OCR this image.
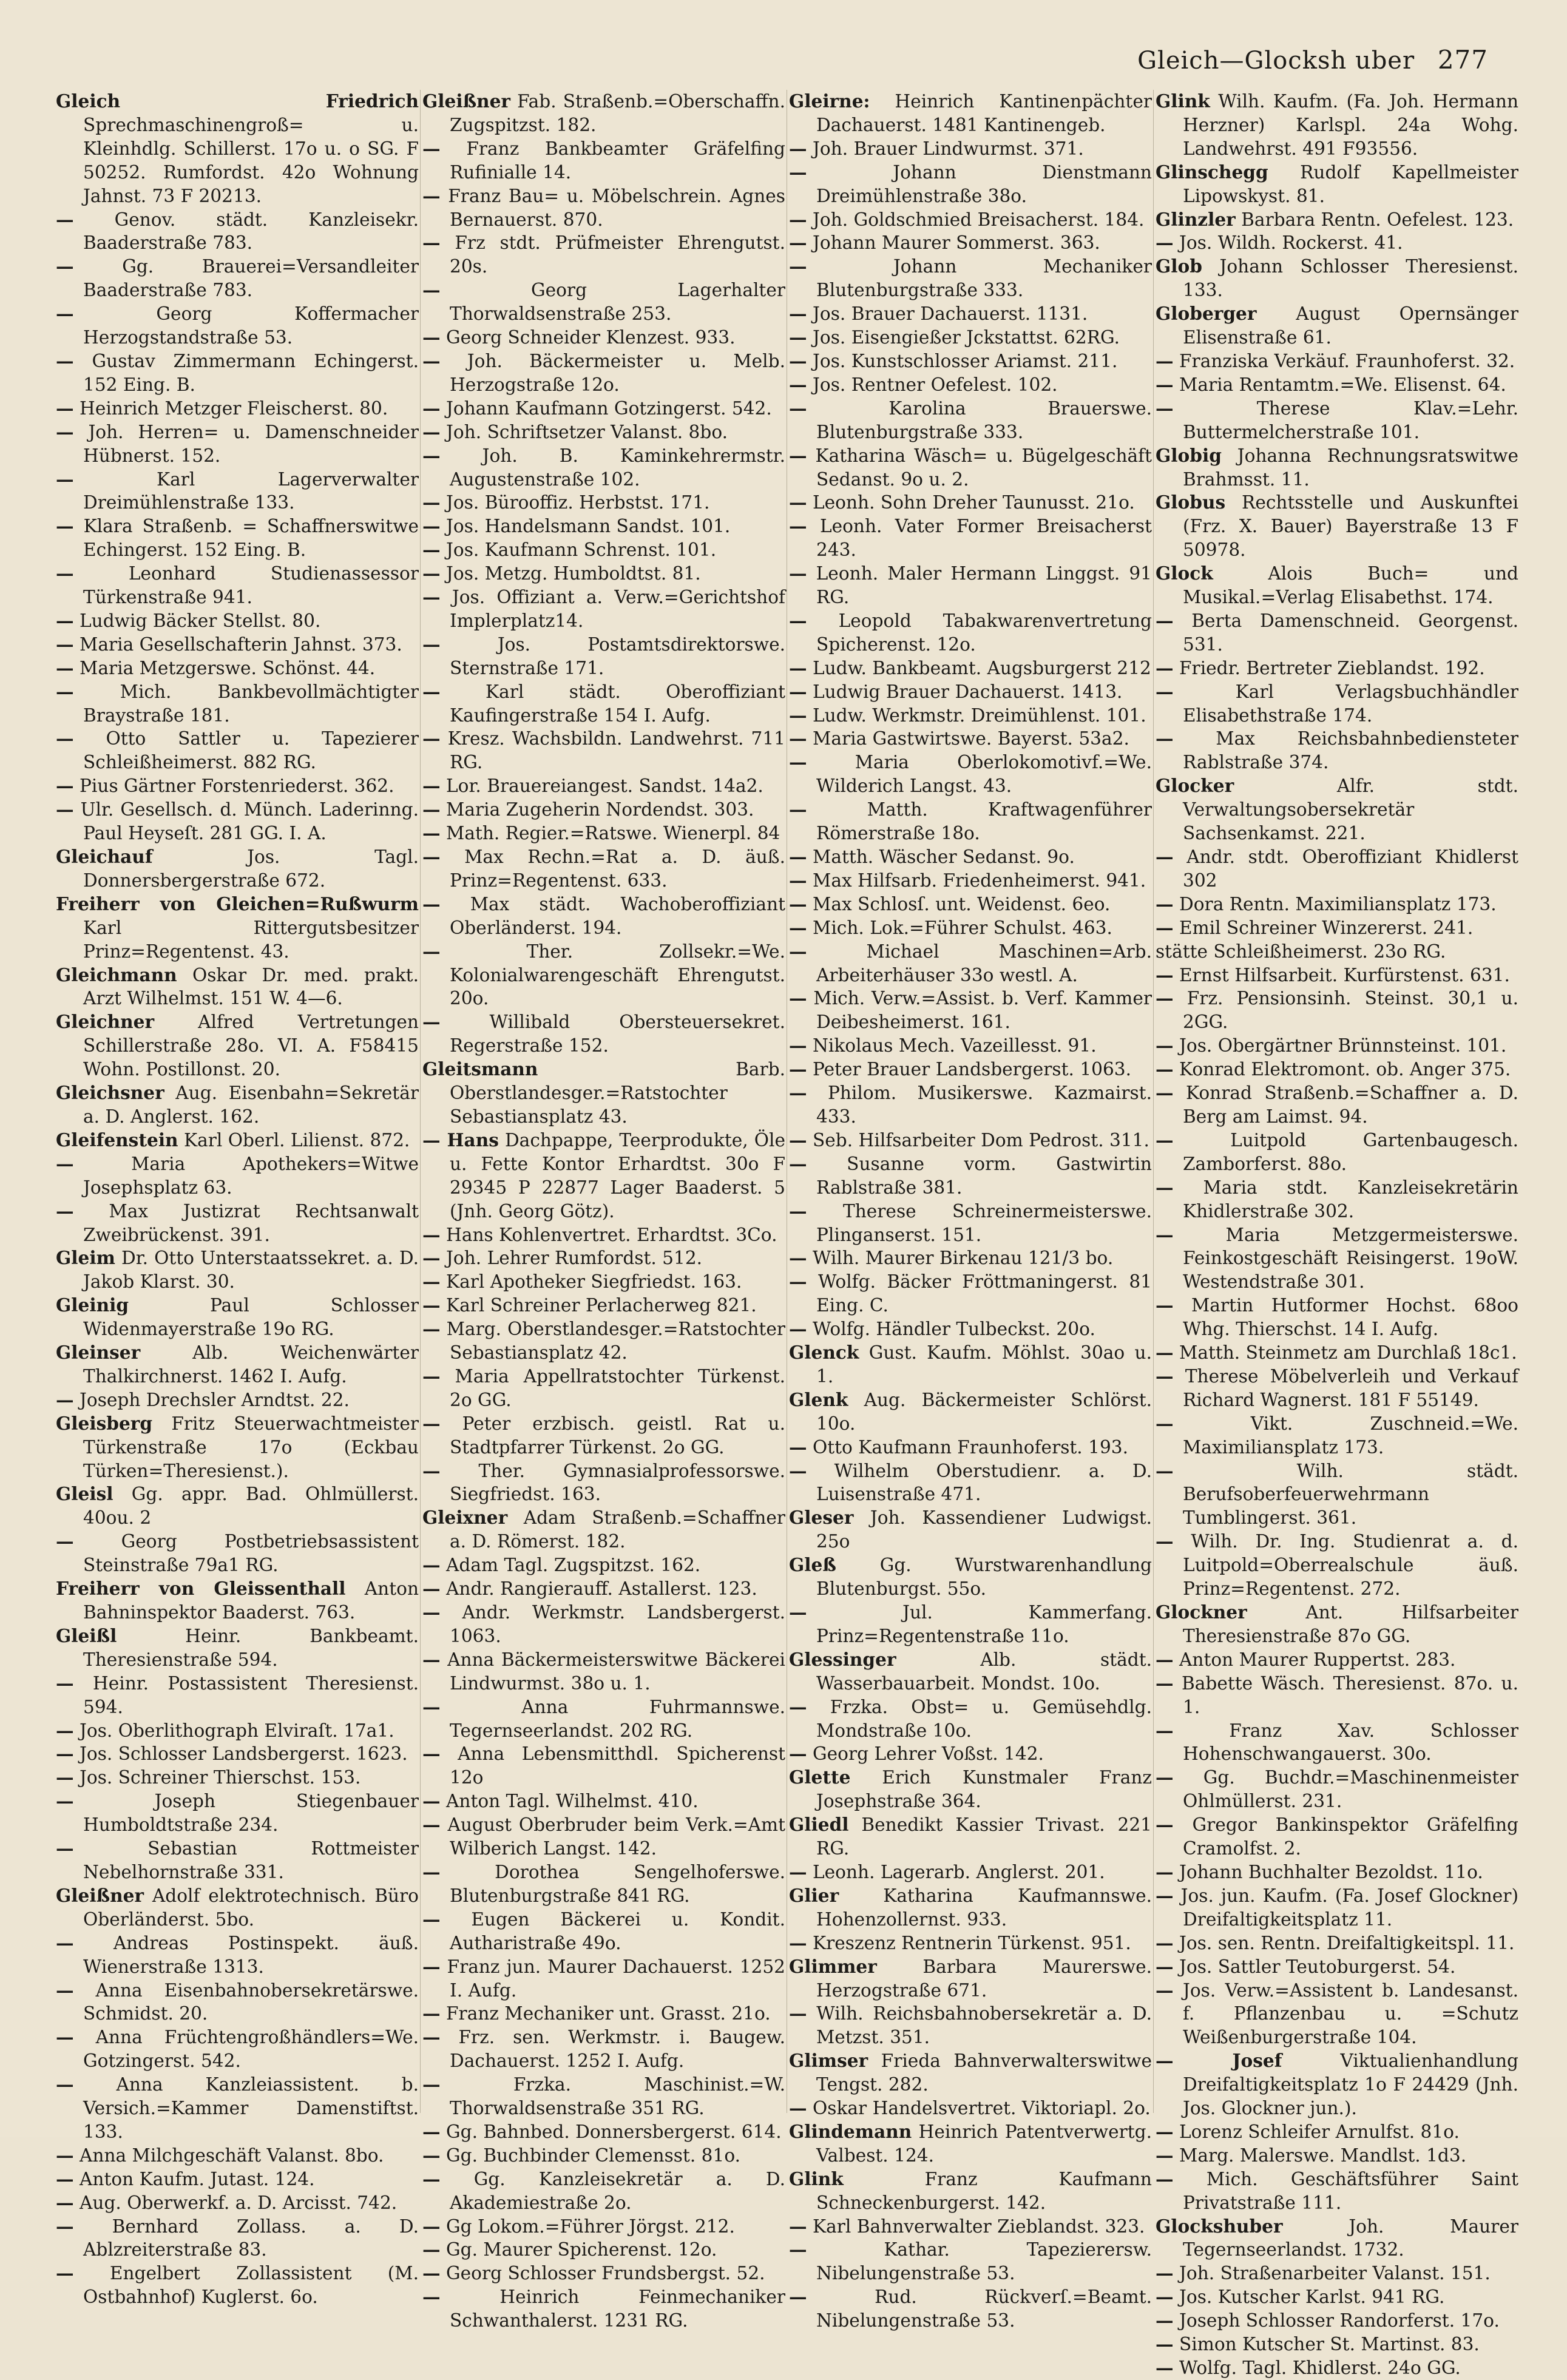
Gleich—Glocksh uber 277
Gleich Friedrich Sprechmaschinengroß= u. Kleinhdlg. Schillerst. 17o u. o SG. F 50252. Rumfordst. 42o Wohnung Jahnst. 73 F 20213.
— Genov. städt. Kanzleisekr. Baaderstraße 783.
—	Gg. Brauerei=Versandleiter Baaderstraße 783.
—	Georg Koffermacher Herzogstandstraße 53.
— Gustav Zimmermann Echingerst. 152 Eing. B.
— Heinrich Metzger Fleischerst. 80.
— Joh. Herren= u. Damenschneider Hübnerst. 152.
—	Karl Lagerverwalter Dreimühlenstraße 133.
— Klara Straßenb. = Schaffnerswitwe Echingerst. 152 Eing. B.
—	Leonhard Studienassessor Türkenstraße 941.
— Ludwig Bäcker Stellst. 80.
— Maria Gesellschafterin Jahnst. 373.
— Maria Metzgerswe. Schönst. 44.
—	Mich. Bankbevollmächtigter Braystraße 181.
— Otto Sattler u. Tapezierer Schleißheimerst. 882 RG.
— Pius Gärtner Forstenriederst. 362.
— Ulr. Gesellsch. d. Münch. Laderinng. Paul Heyseſt. 281 GG. I. A.
Gleichauf	Jos. Tagl. Donnersbergerstraße 672.
Freiherr von Gleichen=Rußwurm Karl Rittergutsbesitzer Prinz=Regentenst. 43.
Gleichmann Oskar Dr. med. prakt. Arzt Wilhelmst. 151 W. 4—6.
Gleichner Alfred Vertretungen Schillerstraße 28o. VI. A. F58415 Wohn. Postillonst. 20.
Gleichsner Aug. Eisenbahn=Sekretär a. D. Anglerst. 162.
Gleifenstein Karl Oberl. Lilienst. 872.
—	Maria Apothekers=Witwe Josephsplatz 63.
— Max Justizrat Rechtsanwalt Zweibrückenst. 391.
Gleim Dr. Otto Unterstaatssekret. a. D. Jakob Klarst. 30.
Gleinig	Paul Schlosser Widenmayerstraße 19o RG.
Gleinser	Alb. Weichenwärter Thalkirchnerst. 1462 I. Aufg.
— Joseph Drechsler Arndtst. 22.
Gleisberg Fritz Steuerwachtmeister Türkenstraße 17o (Eckbau Türken=Theresienst.).
Gleisl Gg. appr. Bad. Ohlmüllerst. 40ou. 2
—	Georg Postbetriebsassistent Steinstraße 79a1 RG.
Freiherr von Gleissenthall Anton Bahninspektor Baaderst. 763.
Gleißl	Heinr. Bankbeamt. Theresienstraße 594.
— Heinr. Postassistent Theresienst. 594.
— Jos. Oberlithograph Elviraſt. 17a1.
— Jos. Schlosser Landsbergerst. 1623.
— Jos. Schreiner Thierschst. 153.
—	Joseph Stiegenbauer Humboldtstraße 234.
—	Sebastian Rottmeister Nebelhornstraße 331.
Gleißner Adolf elektrotechnisch. Büro Oberländerst. 5bo.
— Andreas Postinspekt. äuß. Wienerstraße 1313.
— Anna Eisenbahnobersekretärswe. Schmidst. 20.
— Anna Früchtengroßhändlers=We. Gotzingerst. 542.
— Anna Kanzleiassistent. b. Versich.=Kammer Damenstiftst. 133.
— Anna Milchgeschäft Valanst. 8bo.
— Anton Kaufm. Jutast. 124.
— Aug. Oberwerkf. a. D. Arcisst. 742.
— Bernhard Zollass. a. D. Ablzreiterstraße 83.
— Engelbert Zollassistent (M. Ostbahnhof) Kuglerst. 6o.
Gleißner Fab. Straßenb.=Oberschaffn. Zugspitzst. 182.
— Franz Bankbeamter Gräfelfing Rufinialle 14.
— Franz Bau= u. Möbelschrein. Agnes Bernauerst. 870.
— Frz stdt. Prüfmeister Ehrengutst. 20s.
—	Georg Lagerhalter Thorwaldsenstraße 253.
— Georg Schneider Klenzest. 933.
— Joh. Bäckermeister u. Melb. Herzogstraße 12o.
— Johann Kaufmann Gotzingerst. 542.
— Joh. Schriftsetzer Valanst. 8bo.
— Joh. B. Kaminkehrermstr. Augustenstraße 102.
— Jos. Bürooffiz. Herbstst. 171.
— Jos. Handelsmann Sandst. 101.
— Jos. Kaufmann Schrenst. 101.
— Jos. Metzg. Humboldtst. 81.
— Jos. Offiziant a. Verw.=Gerichtshof Implerplatz14.
—	Jos. Postamtsdirektorswe. Sternstraße 171.
—	Karl städt. Oberoffiziant Kaufingerstraße 154 I. Aufg.
— Kresz. Wachsbildn. Landwehrst. 711 RG.
— Lor. Brauereiangest. Sandst. 14a2.
— Maria Zugeherin Nordendst. 303.
— Math. Regier.=Ratswe. Wienerpl. 84
— Max Rechn.=Rat a. D. äuß. Prinz=Regentenst. 633.
— Max städt. Wachoberoffiziant Oberländerst. 194.
—	Ther. Zollsekr.=We. Kolonialwarengeschäft Ehrengutst. 20o.
—	Willibald Obersteuersekret. Regerstraße 152.
Gleitsmann	Barb. Oberstlandesger.=Ratstochter Sebastiansplatz 43.
— Hans Dachpappe, Teerprodukte, Öle u. Fette Kontor Erhardtst. 30o F 29345 P 22877 Lager Baaderst. 5 (Jnh. Georg Götz).
— Hans Kohlenvertret. Erhardtst. 3Co.
— Joh. Lehrer Rumfordst. 512.
— Karl Apotheker Siegfriedst. 163.
— Karl Schreiner Perlacherweg 821.
— Marg. Oberstlandesger.=Ratstochter Sebastiansplatz 42.
— Maria Appellratstochter Türkenst. 2o GG.
— Peter erzbisch. geistl. Rat u. Stadtpfarrer Türkenst. 2o GG.
— Ther. Gymnasialprofessorswe. Siegfriedst. 163.
Gleixner Adam Straßenb.=Schaffner a. D. Römerst. 182.
— Adam Tagl. Zugspitzst. 162.
— Andr. Rangierauff. Astallerst. 123.
— Andr. Werkmstr. Landsbergerst. 1063.
— Anna Bäckermeisterswitwe Bäckerei Lindwurmst. 38o u. 1.
—	Anna Fuhrmannswe. Tegernseerlandst. 202 RG.
— Anna Lebensmitthdl. Spicherenst 12o
— Anton Tagl. Wilhelmst. 410.
— August Oberbruder beim Verk.=Amt Wilberich Langst. 142.
—	Dorothea Sengelhoferswe. Blutenburgstraße 841 RG.
— Eugen Bäckerei u. Kondit. Autharistraße 49o.
— Franz jun. Maurer Dachauerst. 1252 I. Aufg.
— Franz Mechaniker unt. Grasst. 21o.
— Frz. sen. Werkmstr. i. Baugew. Dachauerst. 1252 I. Aufg.
—	Frzka. Maschinist.=W. Thorwaldsenstraße 351 RG.
— Gg. Bahnbed. Donnersbergerst. 614.
— Gg. Buchbinder Clemensst. 81o.
— Gg. Kanzleisekretär a. D. Akademiestraße 2o.
— Gg Lokom.=Führer Jörgst. 212.
— Gg. Maurer Spicherenst. 12o.
— Georg Schlosser Frundsbergst. 52.
—	Heinrich Feinmechaniker Schwanthalerst. 1231 RG.
Gleirne: Heinrich Kantinenpächter Dachauerst. 1481 Kantinengeb.
— Joh. Brauer Lindwurmst. 371.
—	Johann Dienstmann Dreimühlenstraße 38o.
— Joh. Goldschmied Breisacherst. 184.
— Johann Maurer Sommerst. 363.
—	Johann Mechaniker Blutenburgstraße 333.
— Jos. Brauer Dachauerst. 1131.
— Jos. Eisengießer Jckstattst. 62RG.
— Jos. Kunstschlosser Ariamst. 211.
— Jos. Rentner Oefelest. 102.
—	Karolina Brauerswe. Blutenburgstraße 333.
— Katharina Wäsch= u. Bügelgeschäft Sedanst. 9o u. 2.
— Leonh. Sohn Dreher Taunusst. 21o.
— Leonh. Vater Former Breisacherst 243.
— Leonh. Maler Hermann Linggst. 91 RG.
— Leopold Tabakwarenvertretung Spicherenst. 12o.
— Ludw. Bankbeamt. Augsburgerst 212
— Ludwig Brauer Dachauerst. 1413.
— Ludw. Werkmstr. Dreimühlenst. 101.
— Maria Gastwirtswe. Bayerst. 53a2.
—	Maria Oberlokomotivf.=We. Wilderich Langst. 43.
—	Matth. Kraftwagenführer Römerstraße 18o.
— Matth. Wäscher Sedanst. 9o.
— Max Hilfsarb. Friedenheimerst. 941.
— Max Schlosſ. unt. Weidenst. 6eo.
— Mich. Lok.=Führer Schulst. 463.
—	Michael Maschinen=Arb. Arbeiterhäuser 33o westl. A.
— Mich. Verw.=Assist. b. Verf. Kammer Deibesheimerst. 161.
— Nikolaus Mech. Vazeillesst. 91.
— Peter Brauer Landsbergerst. 1063.
— Philom. Musikerswe. Kazmairst. 433.
— Seb. Hilfsarbeiter Dom Pedrost. 311.
— Susanne vorm. Gastwirtin Rablstraße 381.
— Therese Schreinermeisterswe. Plinganserst. 151.
— Wilh. Maurer Birkenau 121/3 bo.
— Wolfg. Bäcker Fröttmaningerst. 81 Eing. C.
— Wolfg. Händler Tulbeckst. 20o.
Glenck Gust. Kaufm. Möhlst. 30ao u. 1.
Glenk Aug. Bäckermeister Schlörst. 10o.
— Otto Kaufmann Fraunhoferst. 193.
— Wilhelm Oberstudienr. a. D. Luisenstraße 471.
Gleser Joh. Kassendiener Ludwigst. 25o
Gleß Gg. Wurstwarenhandlung Blutenburgst. 55o.
—	Jul. Kammerfang. Prinz=Regentenstraße 11o.
Glessinger	Alb. städt. Wasserbauarbeit. Mondst. 10o.
— Frzka. Obst= u. Gemüsehdlg. Mondstraße 10o.
— Georg Lehrer Voßst. 142.
Glette Erich Kunstmaler Franz Josephstraße 364.
Gliedl Benedikt Kassier Trivast. 221 RG.
— Leonh. Lagerarb. Anglerst. 201.
Glier Katharina Kaufmannswe. Hohenzollernst. 933.
— Kreszenz Rentnerin Türkenst. 951.
Glimmer	Barbara Maurerswe. Herzogstraße 671.
— Wilh. Reichsbahnobersekretär a. D. Metzst. 351.
Glimser Frieda Bahnverwalterswitwe Tengst. 282.
— Oskar Handelsvertret. Viktoriapl. 2o.
Glindemann Heinrich Patentverwertg. Valbest. 124.
Glink	Franz Kaufmann Schneckenburgerst. 142.
— Karl Bahnverwalter Zieblandst. 323.
—	Kathar. Tapezierersw. Nibelungenstraße 53.
—	Rud. Rückverſ.=Beamt. Nibelungenstraße 53.
Glink Wilh. Kaufm. (Fa. Joh. Hermann Herzner) Karlspl. 24a Wohg. Landwehrst. 491 F93556.
Glinschegg Rudolf Kapellmeister Lipowskyst. 81.
Glinzler Barbara Rentn. Oefelest. 123.
— Jos. Wildh. Rockerst. 41.
Glob Johann Schlosser Theresienst. 133.
Globerger August Opernsänger Elisenstraße 61.
— Franziska Verkäuf. Fraunhoferst. 32.
— Maria Rentamtm.=We. Elisenst. 64.
—	Therese Klav.=Lehr. Buttermelcherstraße 101.
Globig Johanna Rechnungsratswitwe Brahmsst. 11.
Globus Rechtsstelle und Auskunftei (Frz. X. Bauer) Bayerstraße 13 F 50978.
Glock	Alois Buch= und Musikal.=Verlag Elisabethst. 174.
— Berta Damenschneid. Georgenst. 531.
— Friedr. Bertreter Zieblandst. 192.
—	Karl Verlagsbuchhändler Elisabethstraße 174.
— Max Reichsbahnbediensteter Rablstraße 374.
Glocker	Alfr. stdt. Verwaltungsobersekretär Sachsenkamst. 221.
— Andr. stdt. Oberoffiziant Khidlerst 302
— Dora Rentn. Maximiliansplatz 173.
— Emil Schreiner Winzererst. 241.
stätte Schleißheimerst. 23o RG.
— Ernst Hilfsarbeit. Kurfürstenst. 631.
— Frz. Pensionsinh. Steinst. 30,1 u. 2GG.
— Jos. Obergärtner Brünnsteinst. 101.
— Konrad Elektromont. ob. Anger 375.
— Konrad Straßenb.=Schaffner a. D. Berg am Laimst. 94.
—	Luitpold Gartenbaugesch. Zamborferst. 88o.
— Maria stdt. Kanzleisekretärin Khidlerstraße 302.
—	Maria Metzgermeisterswe. Feinkostgeschäft Reisingerst. 19oW. Westendstraße 301.
— Martin Hutformer Hochst. 68oo Whg. Thierschst. 14 I. Aufg.
— Matth. Steinmetz am Durchlaß 18c1.
— Therese Möbelverleih und Verkauf Richard Wagnerst. 181 F 55149.
—	Vikt. Zuschneid.=We. Maximiliansplatz 173.
—	Wilh. städt. Berufsoberfeuerwehrmann Tumblingerst. 361.
— Wilh. Dr. Ing. Studienrat a. d. Luitpold=Oberrealschule äuß. Prinz=Regentenst. 272.
Glockner	Ant. Hilfsarbeiter Theresienstraße 87o GG.
— Anton Maurer Ruppertst. 283.
— Babette Wäsch. Theresienst. 87o. u. 1.
—	Franz Xav. Schlosser Hohenschwangauerst. 30o.
— Gg. Buchdr.=Maschinenmeister Ohlmüllerst. 231.
— Gregor Bankinspektor Gräfelfing Cramolfst. 2.
— Johann Buchhalter Bezoldst. 11o.
— Jos. jun. Kaufm. (Fa. Josef Glockner) Dreifaltigkeitsplatz 11.
— Jos. sen. Rentn. Dreifaltigkeitspl. 11.
— Jos. Sattler Teutoburgerst. 54.
— Jos. Verw.=Assistent b. Landesanst. f. Pflanzenbau u. =Schutz Weißenburgerstraße 104.
— Josef	Viktualienhandlung Dreifaltigkeitsplatz 1o F 24429 (Jnh. Jos. Glockner jun.).
— Lorenz Schleifer Arnulfst. 81o.
— Marg. Malerswe. Mandlst. 1d3.
— Mich. Geschäftsführer Saint Privatstraße 111.
Glockshuber	Joh. Maurer Tegernseerlandst. 1732.
— Joh. Straßenarbeiter Valanst. 151.
— Jos. Kutscher Karlst. 941 RG.
— Joseph Schlosser Randorferst. 17o.
— Simon Kutscher St. Martinst. 83.
— Wolfg. Tagl. Khidlerst. 24o GG.
